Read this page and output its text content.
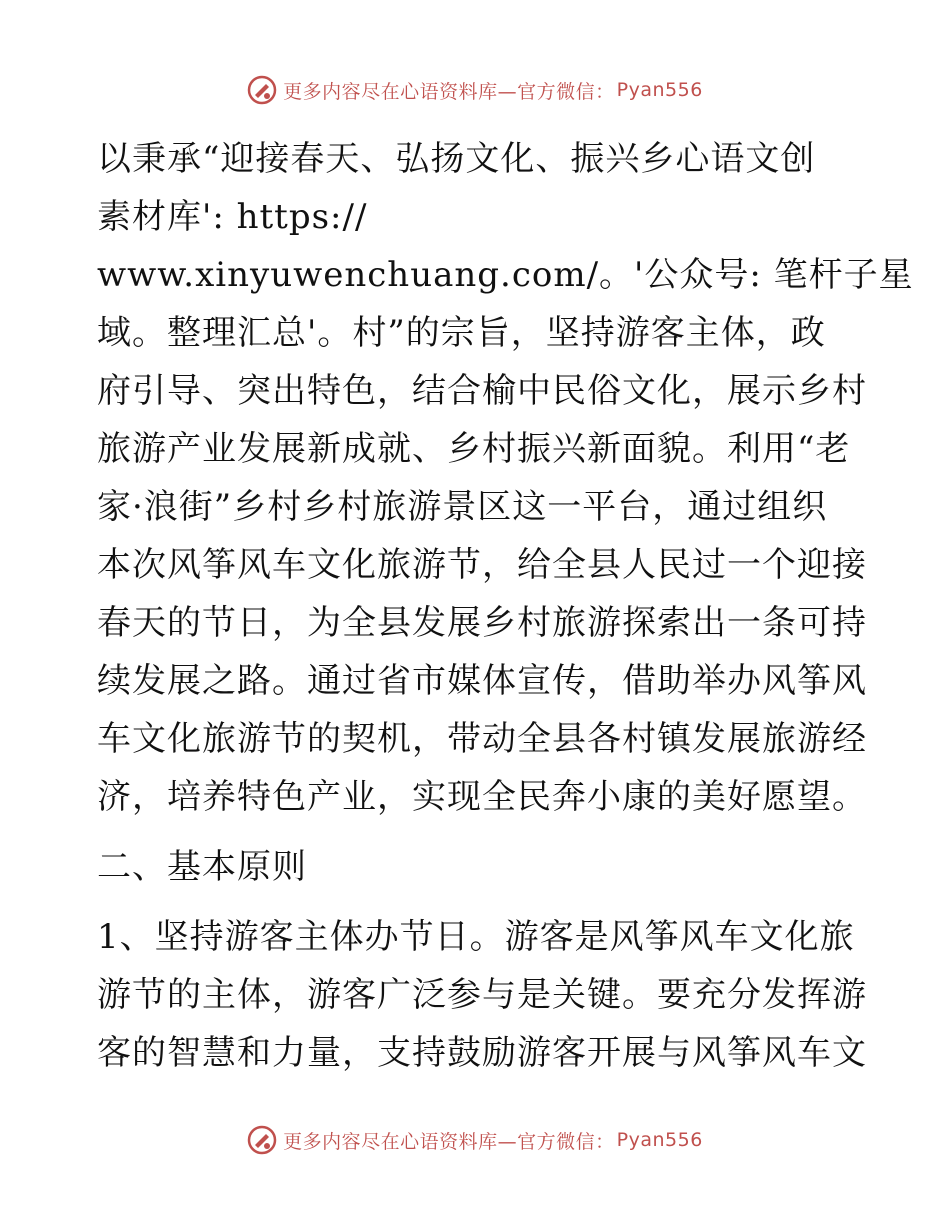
更多内容尽在心语资料库—官方微信： Pyan556
以秉承“迎接春天、弘扬文化、振兴乡心语文创
素材库': https://
www.xinyuwenchuang.com/。'公众号: 笔杆子星
域。整理汇总'。村”的宗旨，坚持游客主体，政
府引导、突出特色，结合榆中民俗文化，展示乡村
旅游产业发展新成就、乡村振兴新面貌。利用“老
家·浪街”乡村乡村旅游景区这一平台，通过组织
本次风筝风车文化旅游节，给全县人民过一个迎接
春天的节日，为全县发展乡村旅游探索出一条可持
续发展之路。通过省市媒体宣传，借助举办风筝风
车文化旅游节的契机，带动全县各村镇发展旅游经
济，培养特色产业，实现全民奔小康的美好愿望。
二、基本原则
1、坚持游客主体办节日。游客是风筝风车文化旅
游节的主体，游客广泛参与是关键。要充分发挥游
客的智慧和力量，支持鼓励游客开展与风筝风车文
更多内容尽在心语资料库—官方微信： Pyan556
